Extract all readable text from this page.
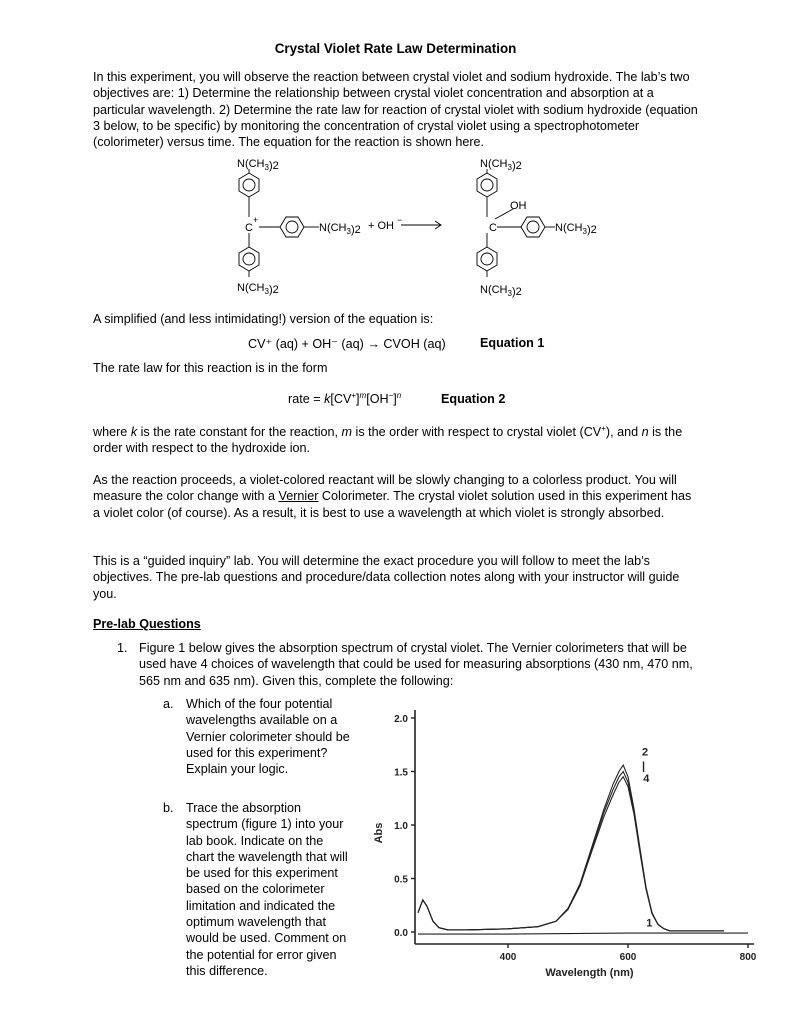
Crystal Violet Rate Law Determination
In this experiment, you will observe the reaction between crystal violet and sodium hydroxide. The lab’s two objectives are: 1) Determine the relationship between crystal violet concentration and absorption at a particular wavelength. 2) Determine the rate law for reaction of crystal violet with sodium hydroxide (equation 3 below, to be specific) by monitoring the concentration of crystal violet using a spectrophotometer (colorimeter) versus time. The equation for the reaction is shown here.
$N(CH_3)2$
C
+
$N(CH_3)2$ + OH −
$N(CH_3)2$
$N(CH_3)2$
OH
C	$N(CH_3)2$
$N(CH_3)2$
A simplified (and less intimidating!) version of the equation is:
CV⁺ (aq) + OH⁻ (aq) → CVOH (aq)	Equation 1
The rate law for this reaction is in the form
rate = $k[CV^+]^m[OH^-]^n$	Equation 2
where k is the rate constant for the reaction, m is the order with respect to crystal violet (CV+), and n is the order with respect to the hydroxide ion.
As the reaction proceeds, a violet-colored reactant will be slowly changing to a colorless product. You will measure the color change with a Vernier Colorimeter. The crystal violet solution used in this experiment has a violet color (of course). As a result, it is best to use a wavelength at which violet is strongly absorbed.
This is a “guided inquiry” lab. You will determine the exact procedure you will follow to meet the lab’s objectives. The pre-lab questions and procedure/data collection notes along with your instructor will guide you.
Pre-lab Questions
1. Figure 1 below gives the absorption spectrum of crystal violet. The Vernier colorimeters that will be used have 4 choices of wavelength that could be used for measuring absorptions (430 nm, 470 nm, 565 nm and 635 nm). Given this, complete the following:
a. Which of the four potential wavelengths available on a Vernier colorimeter should be used for this experiment? Explain your logic.
b. Trace the absorption spectrum (figure 1) into your lab book. Indicate on the chart the wavelength that will be used for this experiment based on the colorimeter limitation and indicated the optimum wavelength that would be used. Comment on the potential for error given this difference.
0.0
0.5
1.0
1.5
2.0
400	600	800
Wavelength (nm)
Abs
2
|
4
1
